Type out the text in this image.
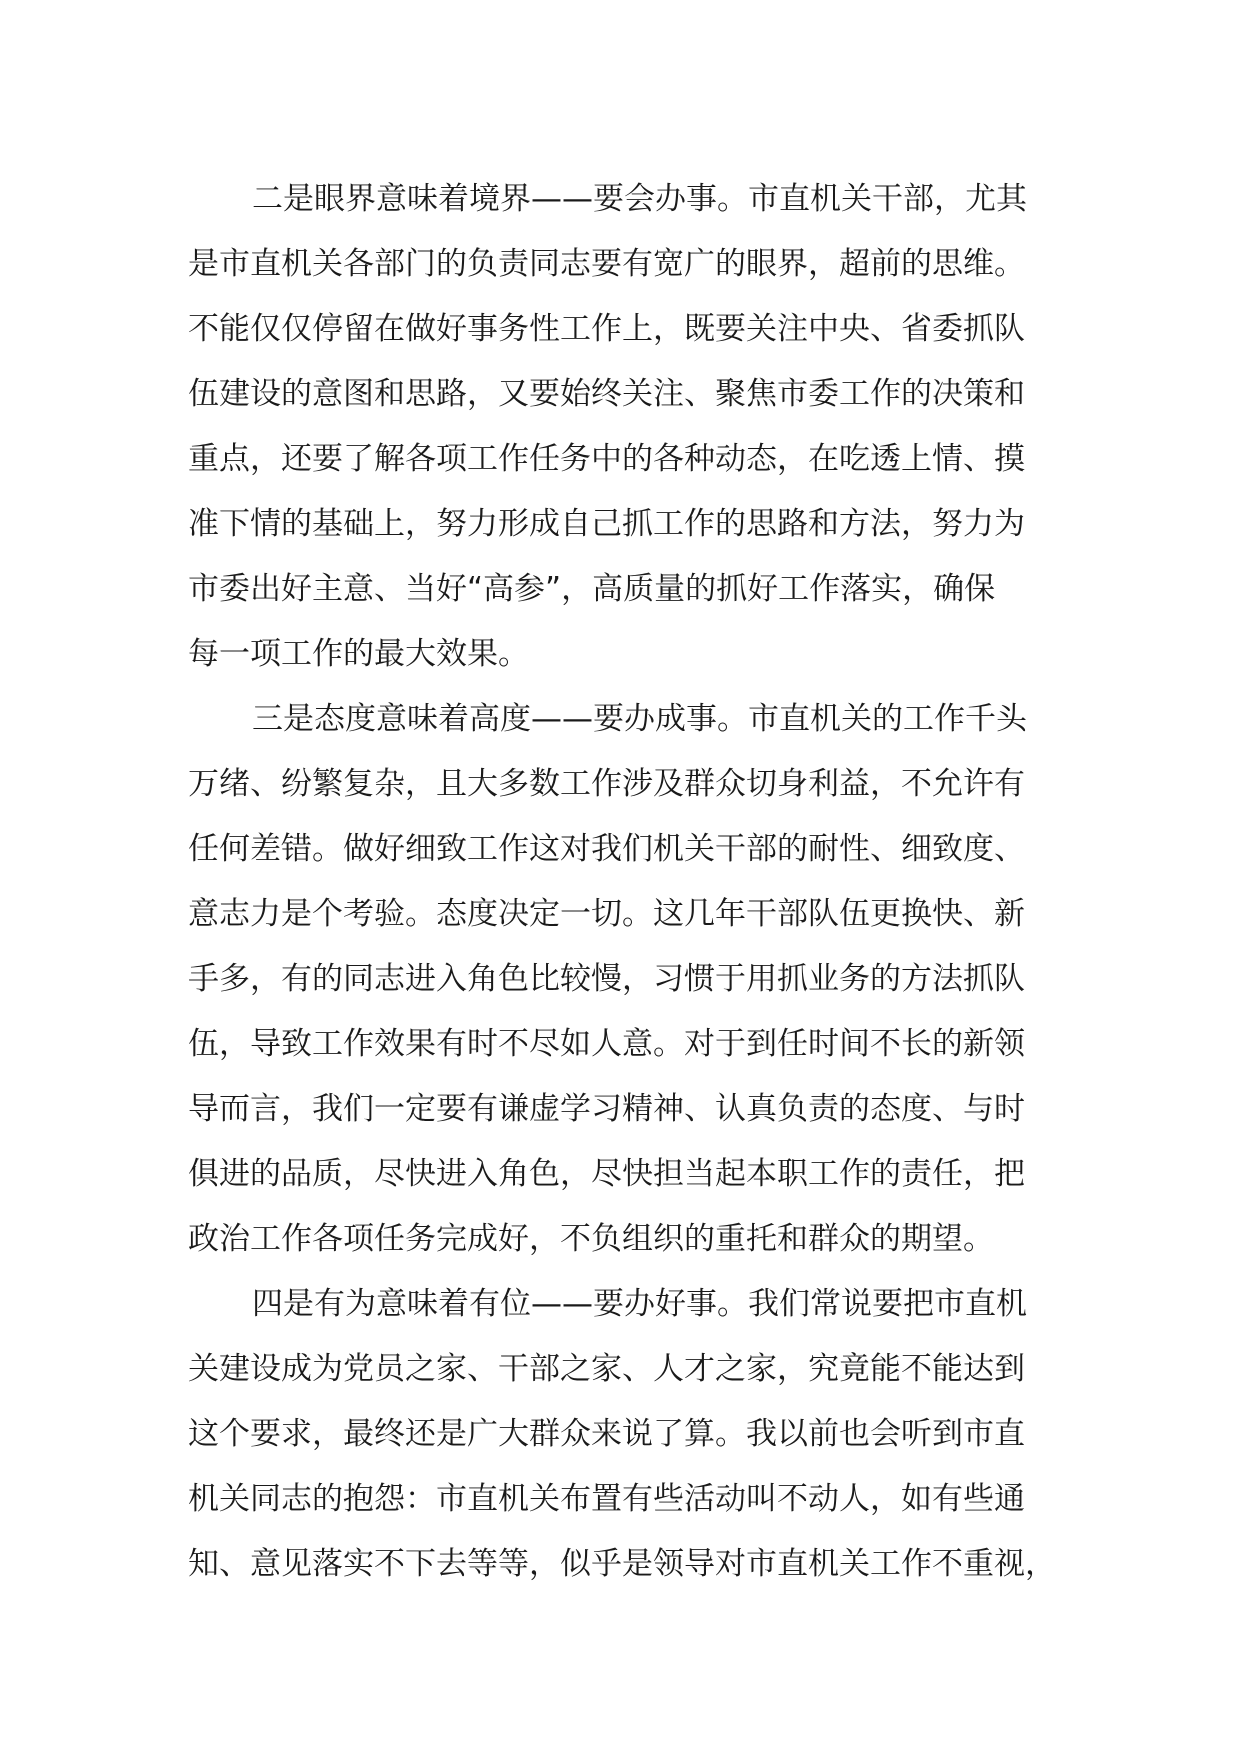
二是眼界意味着境界——要会办事。市直机关干部，尤其
是市直机关各部门的负责同志要有宽广的眼界，超前的思维。
不能仅仅停留在做好事务性工作上，既要关注中央、省委抓队
伍建设的意图和思路，又要始终关注、聚焦市委工作的决策和
重点，还要了解各项工作任务中的各种动态，在吃透上情、摸
准下情的基础上，努力形成自己抓工作的思路和方法，努力为
市委出好主意、当好“高参”，高质量的抓好工作落实，确保
每一项工作的最大效果。
三是态度意味着高度——要办成事。市直机关的工作千头
万绪、纷繁复杂，且大多数工作涉及群众切身利益，不允许有
任何差错。做好细致工作这对我们机关干部的耐性、细致度、
意志力是个考验。态度决定一切。这几年干部队伍更换快、新
手多，有的同志进入角色比较慢，习惯于用抓业务的方法抓队
伍，导致工作效果有时不尽如人意。对于到任时间不长的新领
导而言，我们一定要有谦虚学习精神、认真负责的态度、与时
俱进的品质，尽快进入角色，尽快担当起本职工作的责任，把
政治工作各项任务完成好，不负组织的重托和群众的期望。
四是有为意味着有位——要办好事。我们常说要把市直机
关建设成为党员之家、干部之家、人才之家，究竟能不能达到
这个要求，最终还是广大群众来说了算。我以前也会听到市直
机关同志的抱怨：市直机关布置有些活动叫不动人，如有些通
知、意见落实不下去等等，似乎是领导对市直机关工作不重视，
